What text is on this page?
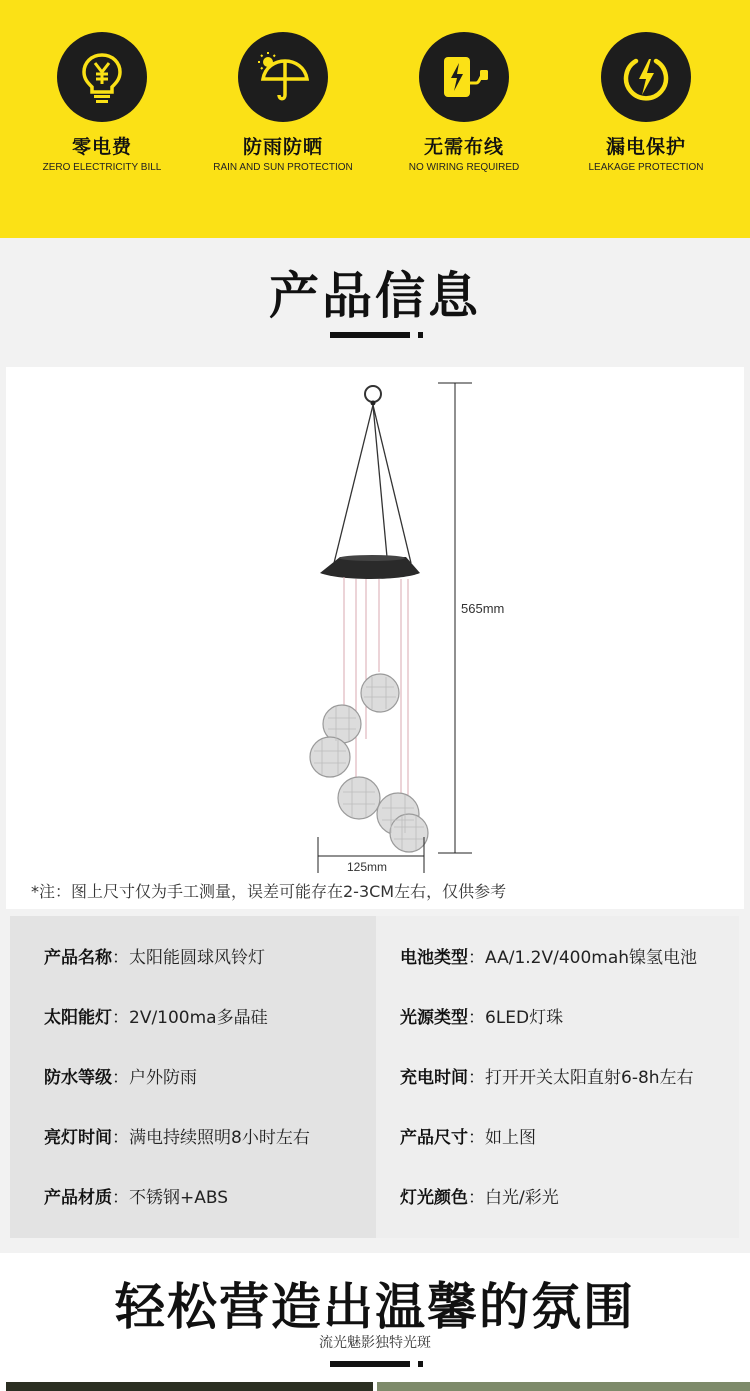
零电费
ZERO ELECTRICITY BILL
防雨防晒
RAIN AND SUN PROTECTION
无需布线
NO WIRING REQUIRED
漏电保护
LEAKAGE PROTECTION
产品信息
565mm
125mm
*注：图上尺寸仅为手工测量，误差可能存在2-3CM左右，仅供参考
产品名称：太阳能圆球风铃灯
太阳能灯：2V/100ma多晶硅
防水等级：户外防雨
亮灯时间：满电持续照明8小时左右
产品材质：不锈钢+ABS
电池类型：AA/1.2V/400mah镍氢电池
光源类型：6LED灯珠
充电时间：打开开关太阳直射6-8h左右
产品尺寸：如上图
灯光颜色：白光/彩光
轻松营造出温馨的氛围
流光魅影独特光斑
